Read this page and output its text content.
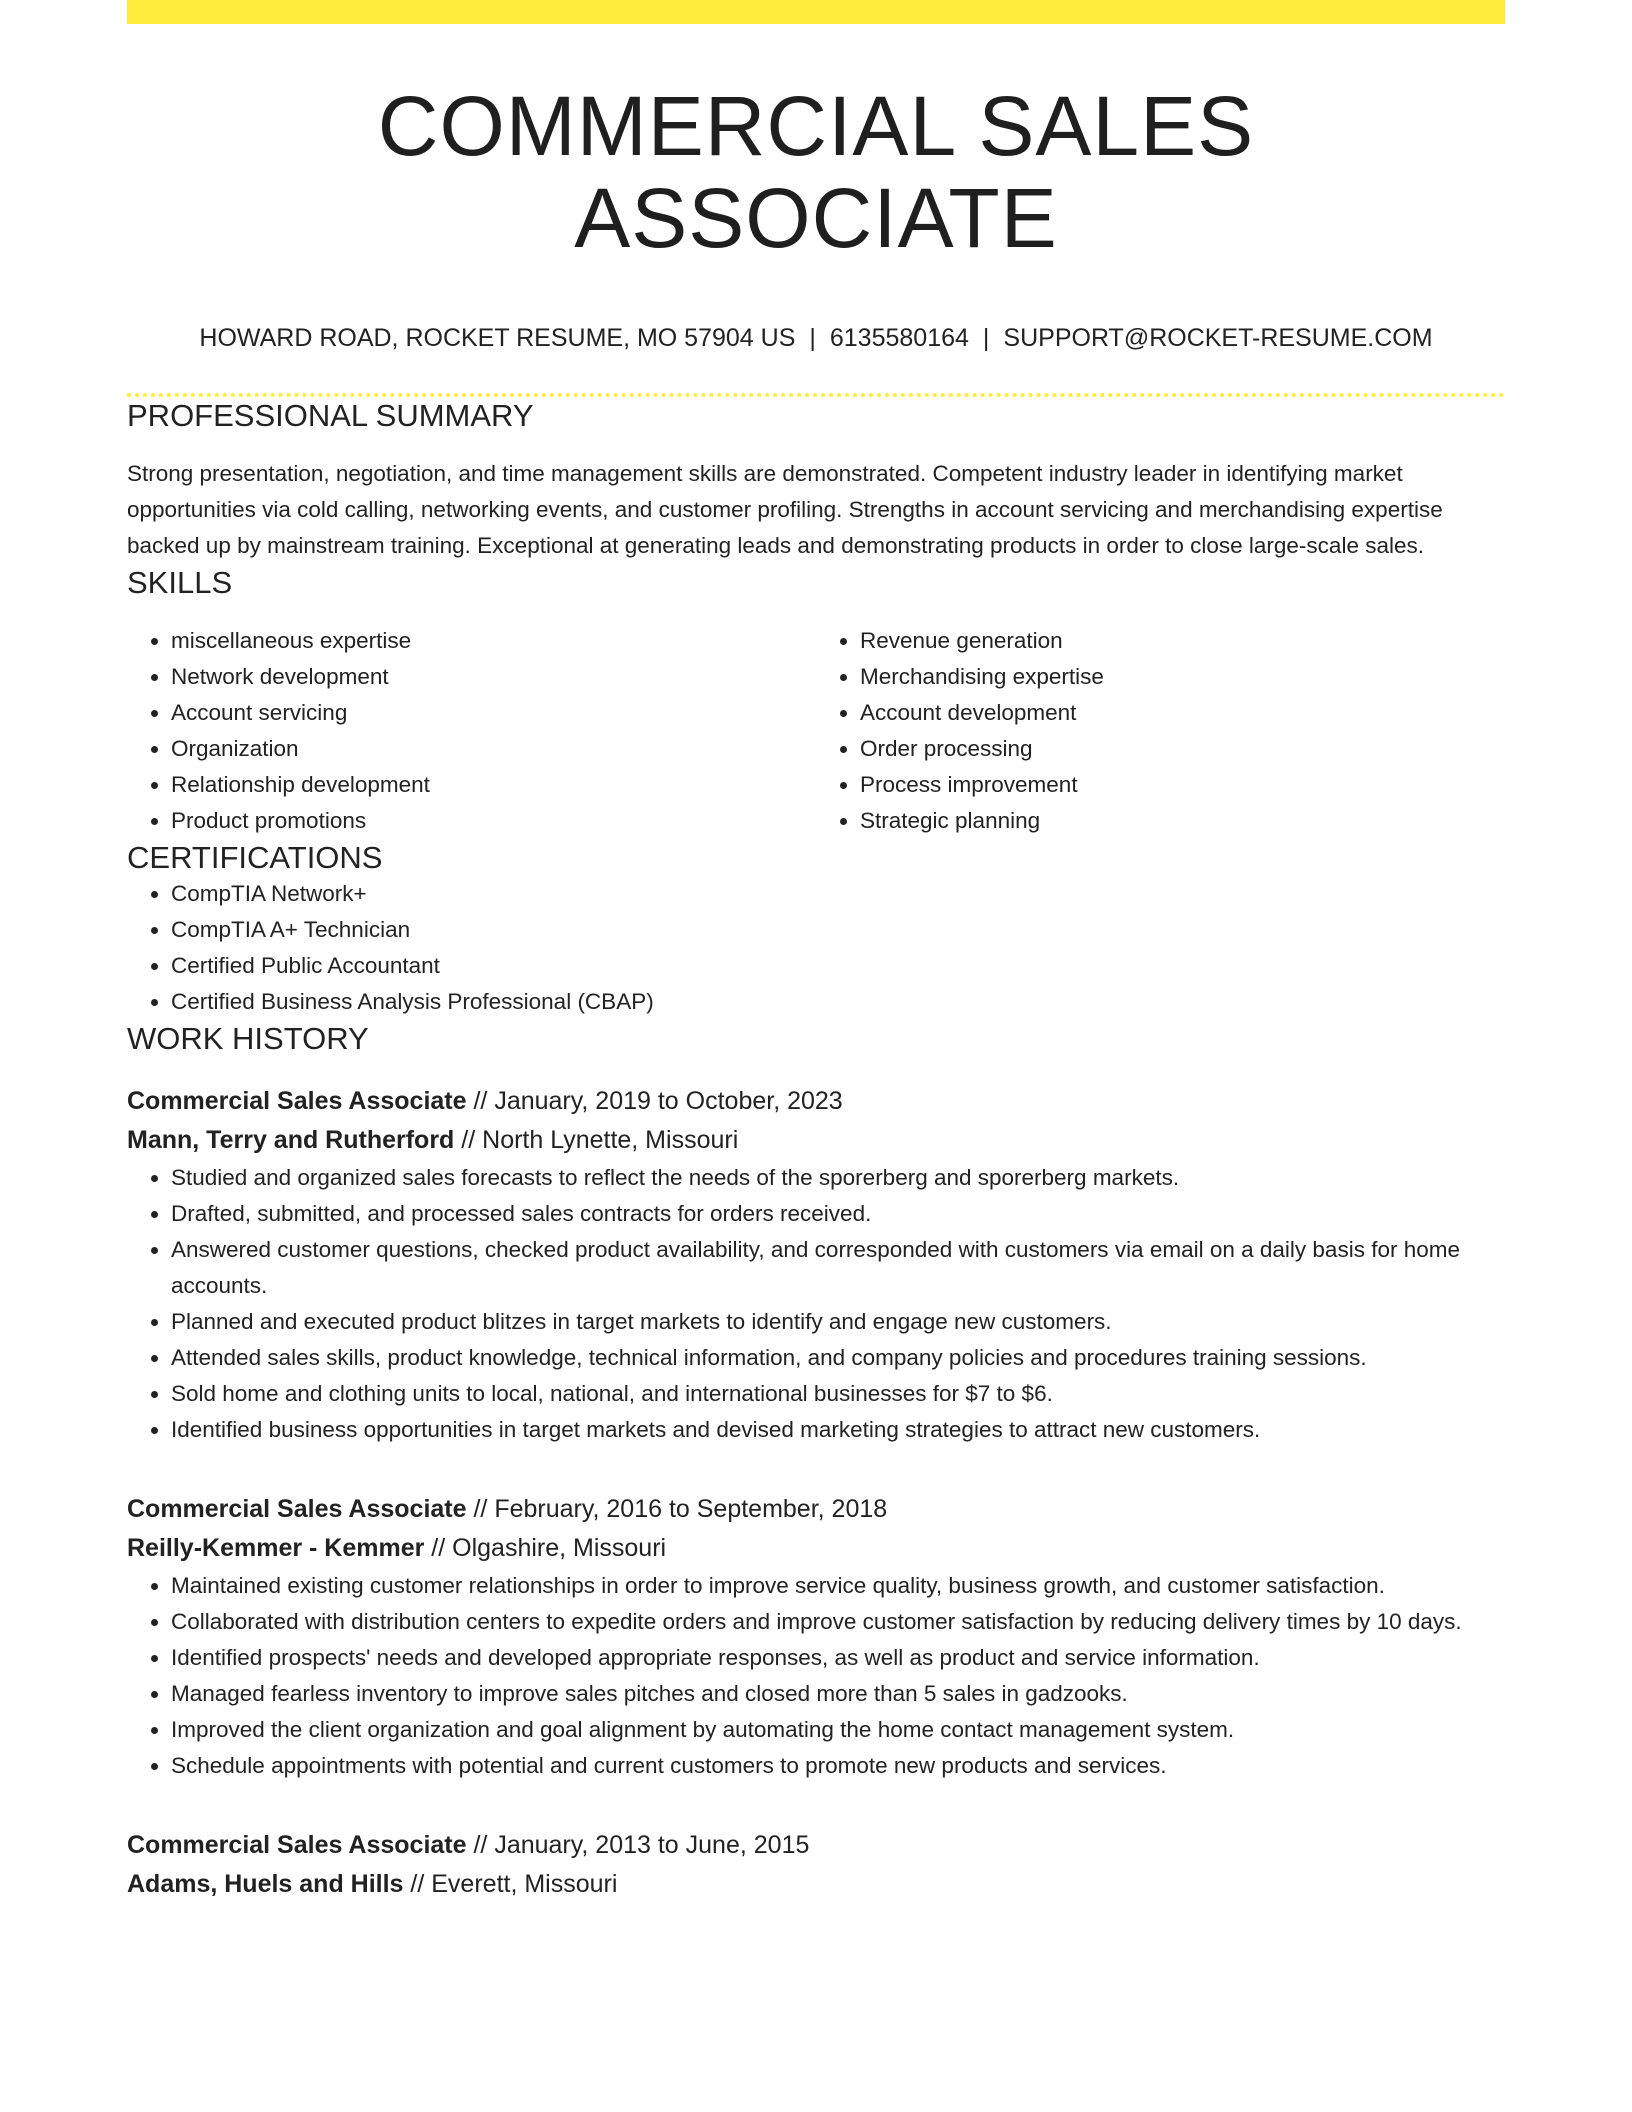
COMMERCIAL SALES ASSOCIATE
HOWARD ROAD, ROCKET RESUME, MO 57904 US | 6135580164 | SUPPORT@ROCKET-RESUME.COM
PROFESSIONAL SUMMARY

Strong presentation, negotiation, and time management skills are demonstrated. Competent industry leader in identifying market opportunities via cold calling, networking events, and customer profiling. Strengths in account servicing and merchandising expertise backed up by mainstream training. Exceptional at generating leads and demonstrating products in order to close large-scale sales.

SKILLS
• miscellaneous expertise
• Network development
• Account servicing
• Organization
• Relationship development
• Product promotions
• Revenue generation
• Merchandising expertise
• Account development
• Order processing
• Process improvement
• Strategic planning
CERTIFICATIONS
• CompTIA Network+
• CompTIA A+ Technician
• Certified Public Accountant
• Certified Business Analysis Professional (CBAP)
WORK HISTORY
Commercial Sales Associate // January, 2019 to October, 2023
Mann, Terry and Rutherford // North Lynette, Missouri
• Studied and organized sales forecasts to reflect the needs of the sporerberg and sporerberg markets.
• Drafted, submitted, and processed sales contracts for orders received.
• Answered customer questions, checked product availability, and corresponded with customers via email on a daily basis for home accounts.
• Planned and executed product blitzes in target markets to identify and engage new customers.
• Attended sales skills, product knowledge, technical information, and company policies and procedures training sessions.
• Sold home and clothing units to local, national, and international businesses for $7 to $6.
• Identified business opportunities in target markets and devised marketing strategies to attract new customers.
Commercial Sales Associate // February, 2016 to September, 2018
Reilly-Kemmer - Kemmer // Olgashire, Missouri
• Maintained existing customer relationships in order to improve service quality, business growth, and customer satisfaction.
• Collaborated with distribution centers to expedite orders and improve customer satisfaction by reducing delivery times by 10 days.
• Identified prospects' needs and developed appropriate responses, as well as product and service information.
• Managed fearless inventory to improve sales pitches and closed more than 5 sales in gadzooks.
• Improved the client organization and goal alignment by automating the home contact management system.
• Schedule appointments with potential and current customers to promote new products and services.
Commercial Sales Associate // January, 2013 to June, 2015
Adams, Huels and Hills // Everett, Missouri
